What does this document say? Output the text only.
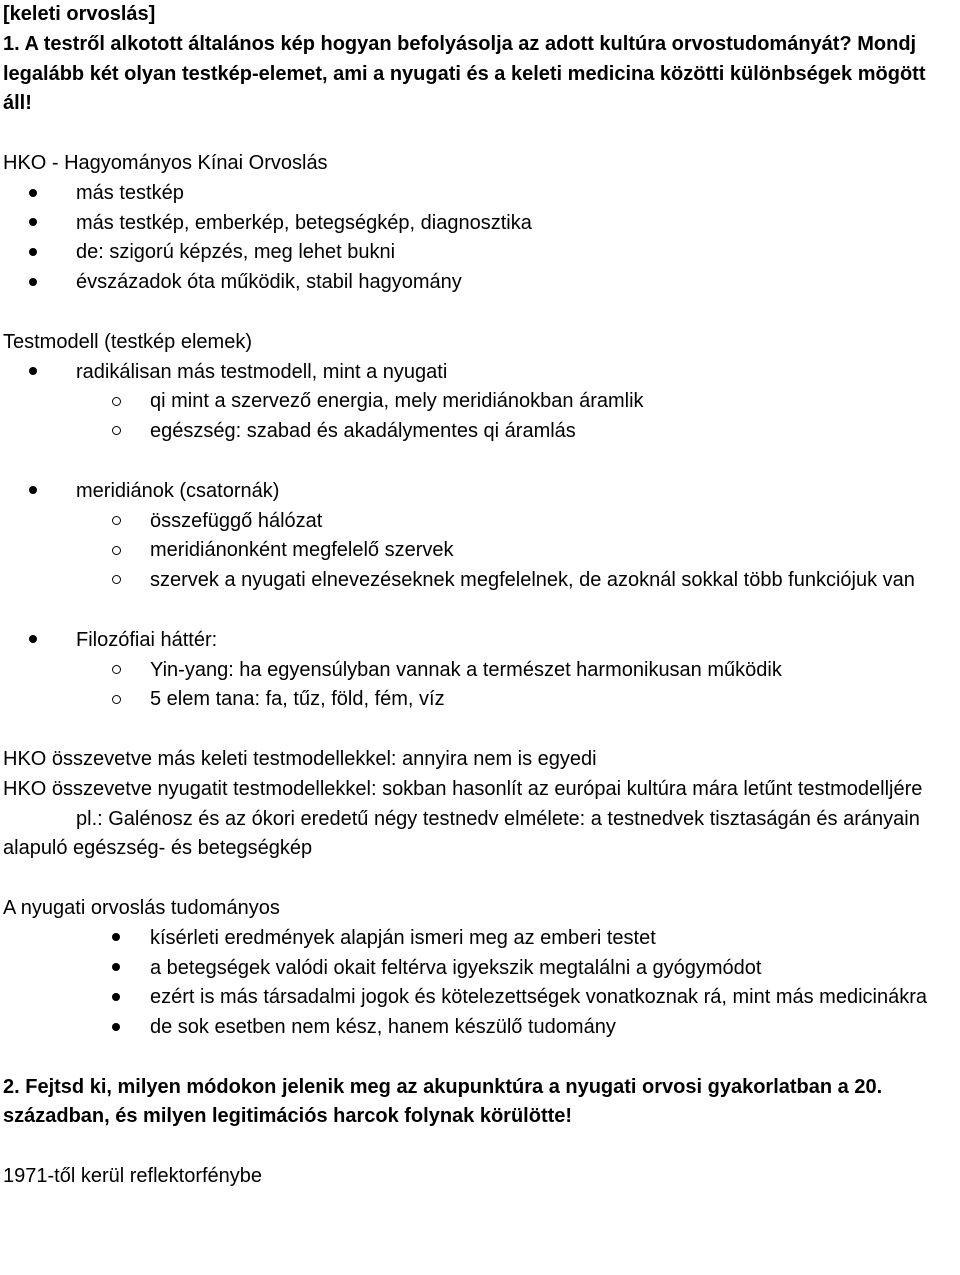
[keleti orvoslás]

1. A testről alkotott általános kép hogyan befolyásolja az adott kultúra orvostudományát? Mondj legalább két olyan testkép-elemet, ami a nyugati és a keleti medicina közötti különbségek mögött áll!

HKO - Hagyományos Kínai Orvoslás

más testkép
más testkép, emberkép, betegségkép, diagnosztika
de: szigorú képzés, meg lehet bukni
évszázadok óta működik, stabil hagyomány

Testmodell (testkép elemek)

radikálisan más testmodell, mint a nyugati
qi mint a szervező energia, mely meridiánokban áramlik
egészség: szabad és akadálymentes qi áramlás
meridiánok (csatornák)
összefüggő hálózat
meridiánonként megfelelő szervek
szervek a nyugati elnevezéseknek megfelelnek, de azoknál sokkal több funkciójuk van
Filozófiai háttér:
Yin-yang: ha egyensúlyban vannak a természet harmonikusan működik
5 elem tana: fa, tűz, föld, fém, víz

HKO összevetve más keleti testmodellekkel: annyira nem is egyedi

HKO összevetve nyugatit testmodellekkel: sokban hasonlít az európai kultúra mára letűnt testmodelljére

pl.: Galénosz és az ókori eredetű négy testnedv elmélete: a testnedvek tisztaságán és arányain alapuló egészség- és betegségkép

A nyugati orvoslás tudományos

kísérleti eredmények alapján ismeri meg az emberi testet
a betegségek valódi okait feltérva igyekszik megtalálni a gyógymódot
ezért is más társadalmi jogok és kötelezettségek vonatkoznak rá, mint más medicinákra
de sok esetben nem kész, hanem készülő tudomány

2. Fejtsd ki, milyen módokon jelenik meg az akupunktúra a nyugati orvosi gyakorlatban a 20. században, és milyen legitimációs harcok folynak körülötte!

1971-től kerül reflektorfénybe
